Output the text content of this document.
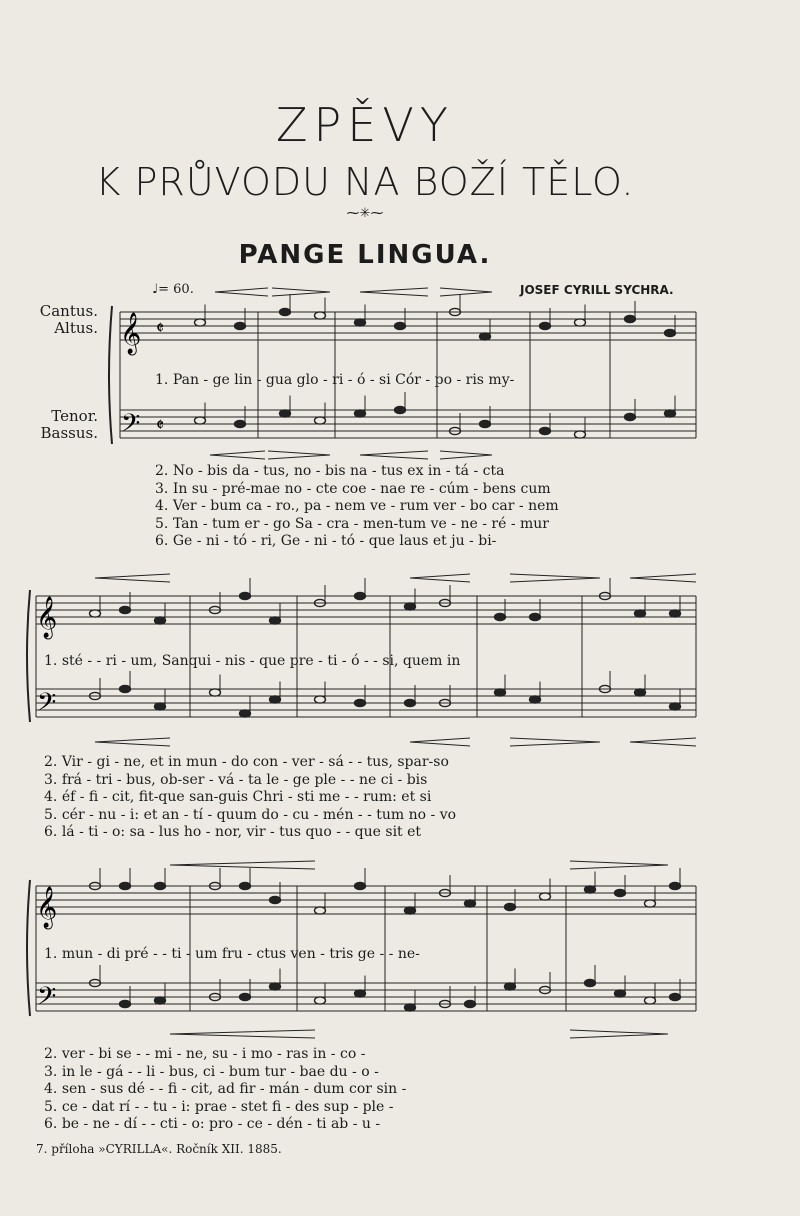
ZPĚVY
K PRŮVODU NA BOŽÍ TĚLO.
⁓✳⁓
PANGE LINGUA.
♩= 60.	JOSEF CYRILL SYCHRA.
Cantus.
Altus.
Tenor.
Bassus.
1. Pan - ge lin - gua glo - ri - ó - si Cór - po - ris my-
2. No - bis da - tus, no - bis na - tus ex in - tá - cta
3. In su - pré-mae no - cte coe - nae re - cúm - bens cum
4. Ver - bum ca - ro., pa - nem ve - rum ver - bo car - nem
5. Tan - tum er - go Sa - cra - men-tum ve - ne - ré - mur
6. Ge - ni - tó - ri, Ge - ni - tó - que laus et ju - bi-
1. sté - - ri - um, Sanqui - nis - que pre - ti - ó - - si, quem in
2. Vir - gi - ne, et in mun - do con - ver - sá - - tus, spar-so
3. frá - tri - bus, ob-ser - vá - ta le - ge ple - - ne ci - bis
4. éf - fi - cit, fit-que san-guis Chri - sti me - - rum: et si
5. cér - nu - i: et an - tí - quum do - cu - mén - - tum no - vo
6. lá - ti - o: sa - lus ho - nor, vir - tus quo - - que sit et
1. mun - di pré - - ti - um fru - ctus ven - tris ge - - ne-
2. ver - bi se - - mi - ne, su - i mo - ras in - co -
3. in le - gá - - li - bus, ci - bum tur - bae du - o -
4. sen - sus dé - - fi - cit, ad fir - mán - dum cor sin -
5. ce - dat rí - - tu - i: prae - stet fi - des sup - ple -
6. be - ne - dí - - cti - o: pro - ce - dén - ti ab - u -
7. příloha »CYRILLA«. Ročník XII. 1885.
𝄞
𝄢
𝄵
𝄵
𝄞
𝄢
𝄞
𝄢
